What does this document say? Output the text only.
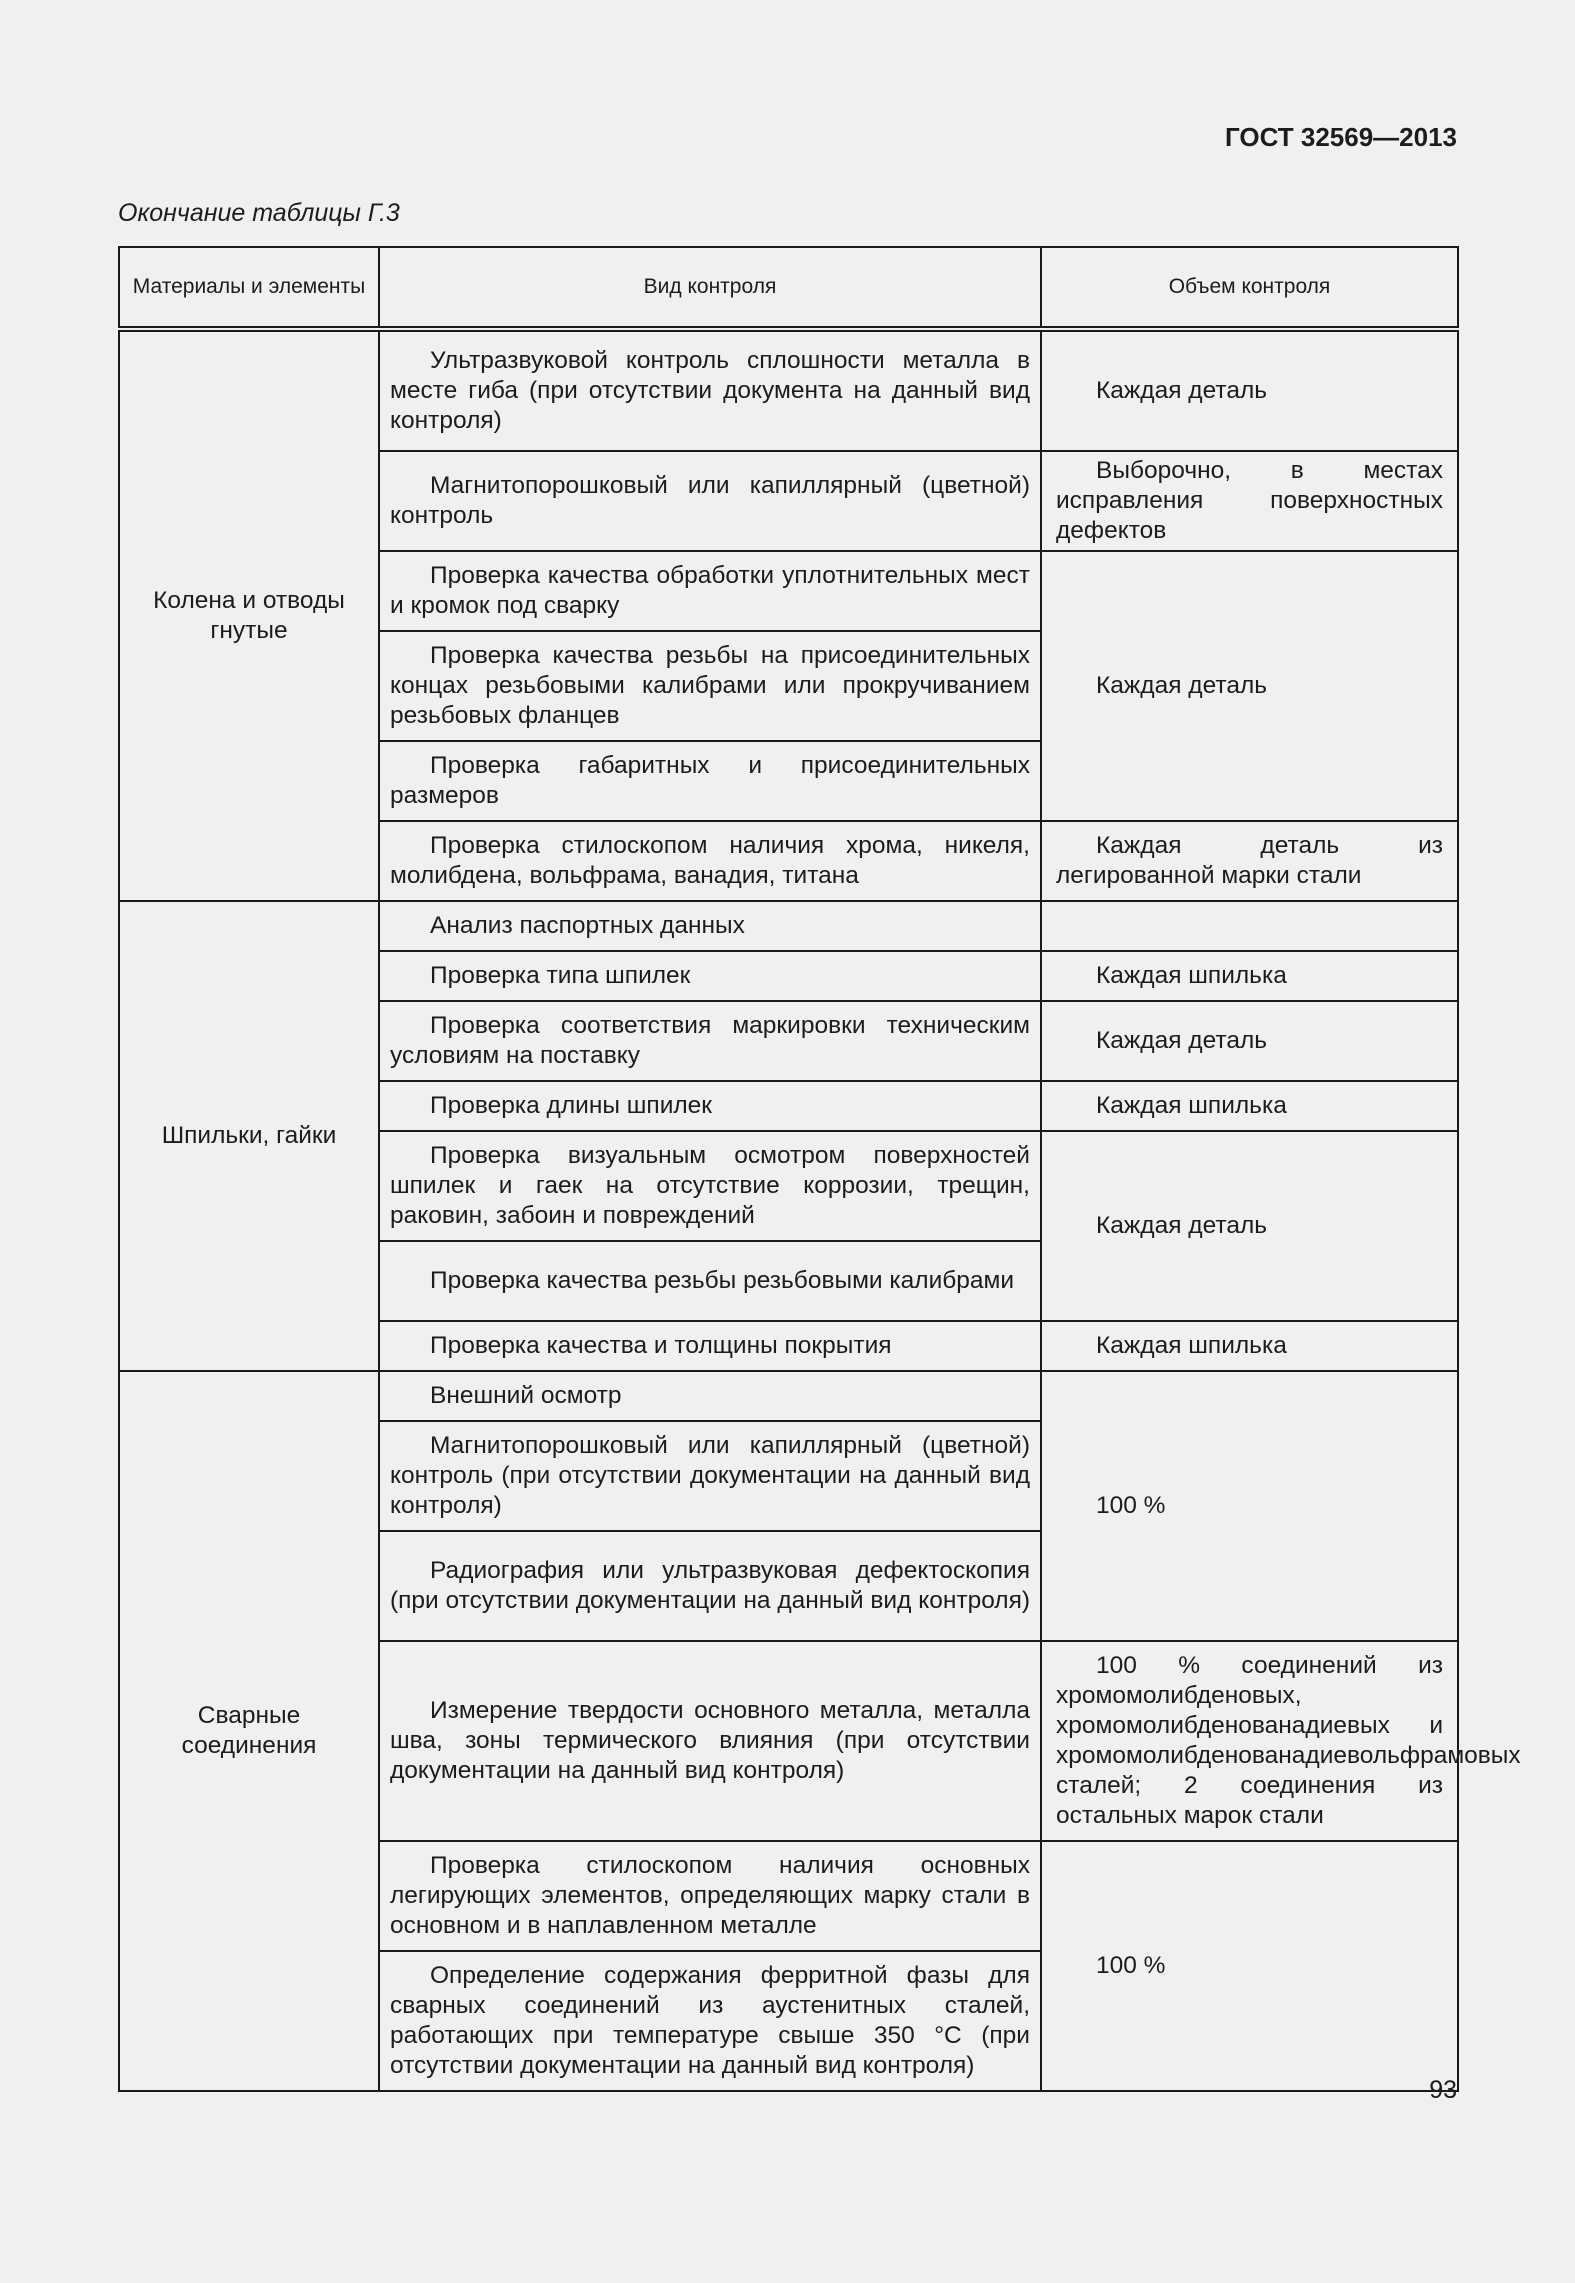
ГОСТ 32569—2013
Окончание таблицы Г.3
Материалы и элементы	Вид контроля	Объем контроля
Колена и отводы гнутые	Ультразвуковой контроль сплошности металла в месте гиба (при отсутствии документа на данный вид контроля)	Каждая деталь

	Магнитопорошковый или капиллярный (цветной) контроль	Выборочно, в местах исправления поверхностных дефектов

	Проверка качества обработки уплотнительных мест и кромок под сварку	Каждая деталь

	Проверка качества резьбы на присоединительных концах резьбовыми калибрами или прокручиванием резьбовых фланцев	

	Проверка габаритных и присоединительных размеров	

	Проверка стилоскопом наличия хрома, никеля, молибдена, вольфрама, ванадия, титана	Каждая деталь из легированной марки стали

Шпильки, гайки	Анализ паспортных данных	

	Проверка типа шпилек	Каждая шпилька

	Проверка соответствия маркировки техническим условиям на поставку	Каждая деталь

	Проверка длины шпилек	Каждая шпилька

	Проверка визуальным осмотром поверхностей шпилек и гаек на отсутствие коррозии, трещин, раковин, забоин и повреждений	Каждая деталь

	Проверка качества резьбы резьбовыми калибрами	

	Проверка качества и толщины покрытия	Каждая шпилька

Сварные соединения	Внешний осмотр	100 %

	Магнитопорошковый или капиллярный (цветной) контроль (при отсутствии документации на данный вид контроля)	

	Радиография или ультразвуковая дефектоскопия (при отсутствии документации на данный вид контроля)	

	Измерение твердости основного металла, металла шва, зоны термического влияния (при отсутствии документации на данный вид контроля)	100 % соединений из хромомолибденовых, хромомолибденованадиевых и хромомолибденованадиевольфрамовых сталей; 2 соединения из остальных марок стали

	Проверка стилоскопом наличия основных легирующих элементов, определяющих марку стали в основном и в наплавленном металле	100 %

	Определение содержания ферритной фазы для сварных соединений из аустенитных сталей, работающих при температуре свыше 350 °С (при отсутствии документации на данный вид контроля)	
93
